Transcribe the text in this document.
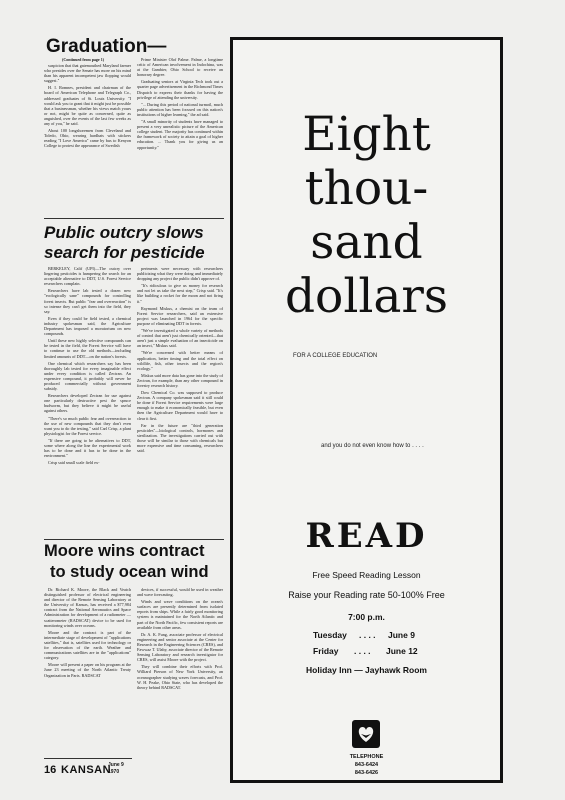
Graduation—
(Continued from page 1)

suspicion that that gatemouthed Maryland farmer who presides over the Senate has more on his mind than his apparent incompetent jaw flopping would suggest."

H. I. Romnes, president and chairman of the board of American Telephone and Telegraph Co., addressed graduates of St. Louis University. "I would ask you to grant that it might just be possible that a businessman, whether his views match yours or not, might be quite as concerned, quite as anguished, over the events of the last few weeks as any of you," he said.

About 100 longshoremen from Cleveland and Toledo, Ohio, wearing hardhats with stickers reading "I Love America" came by bus to Kenyon College to protest the appearance of Swedish

Prime Minister Olof Palme. Palme, a longtime critic of American involvement in Indochina, was at the Gambier, Ohio School to receive an honorary degree.

Graduating seniors at Virginia Tech took out a quarter page advertisement in the Richmond Times Dispatch to express their thanks for having the privilege of attending the university.

"... During this period of national turmoil, much public attention has been focused on this nation's institutions of higher learning," the ad said.

"A small minority of students have managed to present a very unrealistic picture of the American college student. The majority has continued within the framework of society to attain a goal of higher education. ... Thank you for giving us an opportunity."

Public outcry slows
search for pesticide

BERKELEY, Calif (UPI)—The outcry over lingering pesticides is hampering the search for an acceptable alternative to DDT, U.S. Forest Service researchers complain.

Researchers have lab tested a dozen new "ecologically sane" compounds for controlling forest insects. But public "fear and overreaction" is so intense they can't get them into the field, they say.

Even if they could be field tested, a chemical industry spokesman said, the Agriculture Department has imposed a moratorium on new compounds.

Until these new highly selective compounds can be tested in the field, the Forest Service will have to continue to use the old methods—including limited amounts of DDT—on the nation's forests.

One chemical which researchers say has been thoroughly lab tested for every imaginable effect under every condition is called Zectran. An expensive compound, it probably will never be produced commercially without government subsidy.

Researchers developed Zectran for use against one particularly destructive pest the spruce budworm, but they believe it might be useful against others.

"There's so much public fear and overreaction to the use of new compounds that they don't even want you to do the testing," said Carl Crisp, a plant physiologist for the Forest service.

"If there are going to be alternatives to DDT, some where along the line the experimental work has to be done and it has to be done in the environment."

Crisp said small scale field ex-

periments were necessary with researchers publicizing what they were doing and immediately dropping any project the public didn't approve of.

"It's ridiculous to give us money for research and not let us take the next step," Crisp said. "It's like building a rocket for the moon and not firing it."

Raymond Miskus, a chemist on the team of Forest Service researchers, said an extensive project was launched in 1964 for the specific purpose of eliminating DDT in forests.

"We've investigated a whole variety of methods of control that aren't just chemically oriented—that aren't just a simple evaluation of an insecticide on an insect," Miskus said.

"We're concerned with better means of application, better timing and the total effect on wildlife, fish, other insects and the region's ecology."

Miskus said more data has gone into the study of Zectran, for example, than any other compound in forestry research history.

Dow Chemical Co. was supposed to produce Zectran. A company spokesman said it still could be done if Forest Service requirements were large enough to make it economically feasible, but even then the Agriculture Department would have to clear it first.

Far in the future are "third generation pesticides"—biological controls, hormones and sterilization. The investigations carried out with those will be similar to those with chemicals but more expensive and time consuming, researchers said.

Moore wins contract
to study ocean wind

Dr. Richard K. Moore, the Black and Veatch distinguished professor of electrical engineering and director of the Remote Sensing Laboratory at the University of Kansas, has received a $77,984 contract from the National Aeronautics and Space Administration for development of a radiometer — scatterometer (RADSCAT) device to be used for monitoring winds over oceans.

Moore and the contract is part of the intermediate stage of development of "applications satellites," that is, satellites used for technology or for observation of the earth. Weather and communications satellites are in the "applications" category.

Moore will present a paper on his program at the June 23 meeting of the North Atlantic Treaty Organization in Paris. RADSCAT

devices, if successful, would be used in weather and wave forecasting.

Winds and wave conditions on the ocean's surfaces are presently determined from isolated reports from ships. While a fairly good monitoring system is maintained for the North Atlantic and part of the North Pacific, few consistent reports are available from other areas.

Dr. A. K. Fung, associate professor of electrical engineering and senior associate at the Center for Research in the Engineering Sciences (CRES), and Fawwaz T. Ulaby, associate director of the Remote Sensing Laboratory and research investigator for CRES, will assist Moore with the project.

They will combine their efforts with Prof. Williard Pierson of New York University, an oceanographer studying waves forecasts, and Prof. W. H. Peake, Ohio State, who has developed the theory behind RADSCAT.

16 KANSAN
June 9
1970
Eight
thou-
sand
dollars
FOR A COLLEGE EDUCATION
and you do not even know how to . . . .
READ
Free Speed Reading Lesson
Raise your Reading rate 50-100% Free
7:00 p.m.
Tuesday . . . . June 9
Friday . . . . June 12
Holiday Inn — Jayhawk Room
TELEPHONE
843-6424
843-6426
